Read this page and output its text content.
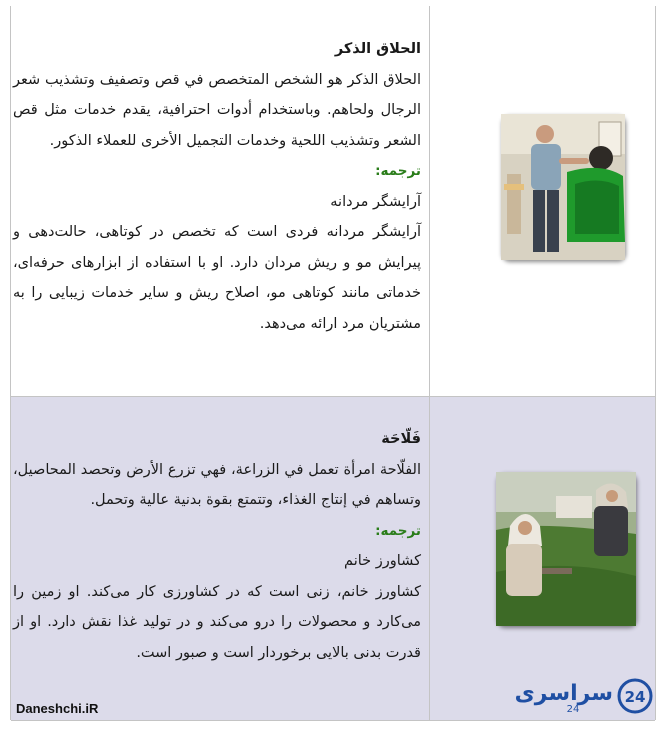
الحلاق الذكر

الحلاق الذكر هو الشخص المتخصص في قص وتصفيف وتشذيب شعر الرجال ولحاهم. وباستخدام أدوات احترافية، يقدم خدمات مثل قص الشعر وتشذيب اللحية وخدمات التجميل الأخرى للعملاء الذكور.

ترجمه:

آرایشگر مردانه

آرایشگر مردانه فردی است که تخصص در کوتاهی، حالت‌دهی و پیرایش مو و ریش مردان دارد. او با استفاده از ابزارهای حرفه‌ای، خدماتی مانند کوتاهی مو، اصلاح ریش و سایر خدمات زیبایی را به مشتریان مرد ارائه می‌دهد.

فَلّاحَة

الفلّاحة امرأة تعمل في الزراعة، فهي تزرع الأرض وتحصد المحاصيل، وتساهم في إنتاج الغذاء، وتتمتع بقوة بدنية عالية وتحمل.

ترجمه:

کشاورز خانم

کشاورز خانم، زنی است که در کشاورزی کار می‌کند. او زمین را می‌کارد و محصولات را درو می‌کند و در تولید غذا نقش دارد. او از قدرت بدنی بالایی برخوردار است و صبور است.

Daneshchi.iR
سراسری
24
24
